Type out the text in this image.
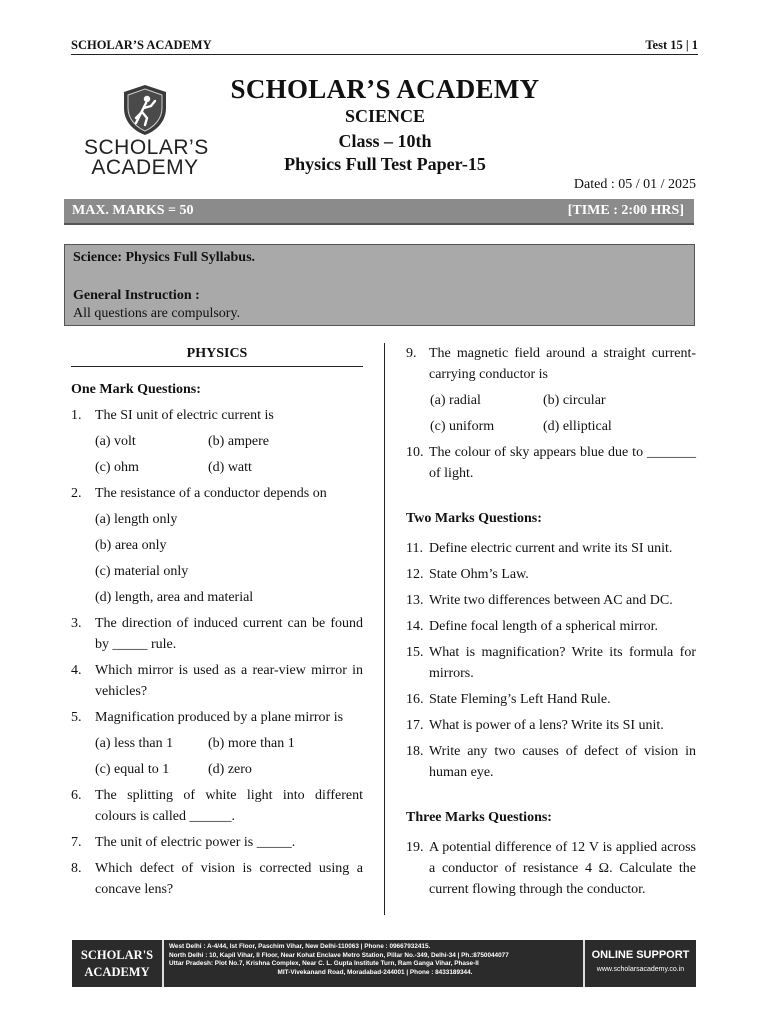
SCHOLAR’S ACADEMY	Test 15 | 1
SCHOLAR’S
ACADEMY
SCHOLAR’S ACADEMY
SCIENCE
Class – 10th
Physics Full Test Paper-15
Dated : 05 / 01 / 2025
MAX. MARKS = 50	[TIME : 2:00 HRS]
Science: Physics Full Syllabus.
General Instruction :
All questions are compulsory.
PHYSICS
One Mark Questions:
1. The SI unit of electric current is
(a) volt	(b) ampere
(c) ohm	(d) watt
2. The resistance of a conductor depends on
(a) length only
(b) area only
(c) material only
(d) length, area and material
3. The direction of induced current can be found by _____ rule.
4. Which mirror is used as a rear-view mirror in vehicles?
5. Magnification produced by a plane mirror is
(a) less than 1	(b) more than 1
(c) equal to 1	(d) zero
6. The splitting of white light into different colours is called ______.
7. The unit of electric power is _____.
8. Which defect of vision is corrected using a concave lens?
9. The magnetic field around a straight current-carrying conductor is
(a) radial	(b) circular
(c) uniform	(d) elliptical
10. The colour of sky appears blue due to _______ of light.
Two Marks Questions:
11. Define electric current and write its SI unit.
12. State Ohm’s Law.
13. Write two differences between AC and DC.
14. Define focal length of a spherical mirror.
15. What is magnification? Write its formula for mirrors.
16. State Fleming’s Left Hand Rule.
17. What is power of a lens? Write its SI unit.
18. Write any two causes of defect of vision in human eye.
Three Marks Questions:
19. A potential difference of 12 V is applied across a conductor of resistance 4 Ω. Calculate the current flowing through the conductor.
SCHOLAR'S
ACADEMY
West Delhi : A-4/44, Ist Floor, Paschim Vihar, New Delhi-110063 | Phone : 09667932415.
North Delhi : 10, Kapil Vihar, II Floor, Near Kohat Enclave Metro Station, Pillar No.-349, Delhi-34 | Ph.:8750044077
Uttar Pradesh: Plot No.7, Krishna Complex, Near C. L. Gupta Institute Turn, Ram Ganga Vihar, Phase-II
MIT-Vivekanand Road, Moradabad-244001 | Phone : 8433189344.
ONLINE SUPPORT
www.scholarsacademy.co.in
